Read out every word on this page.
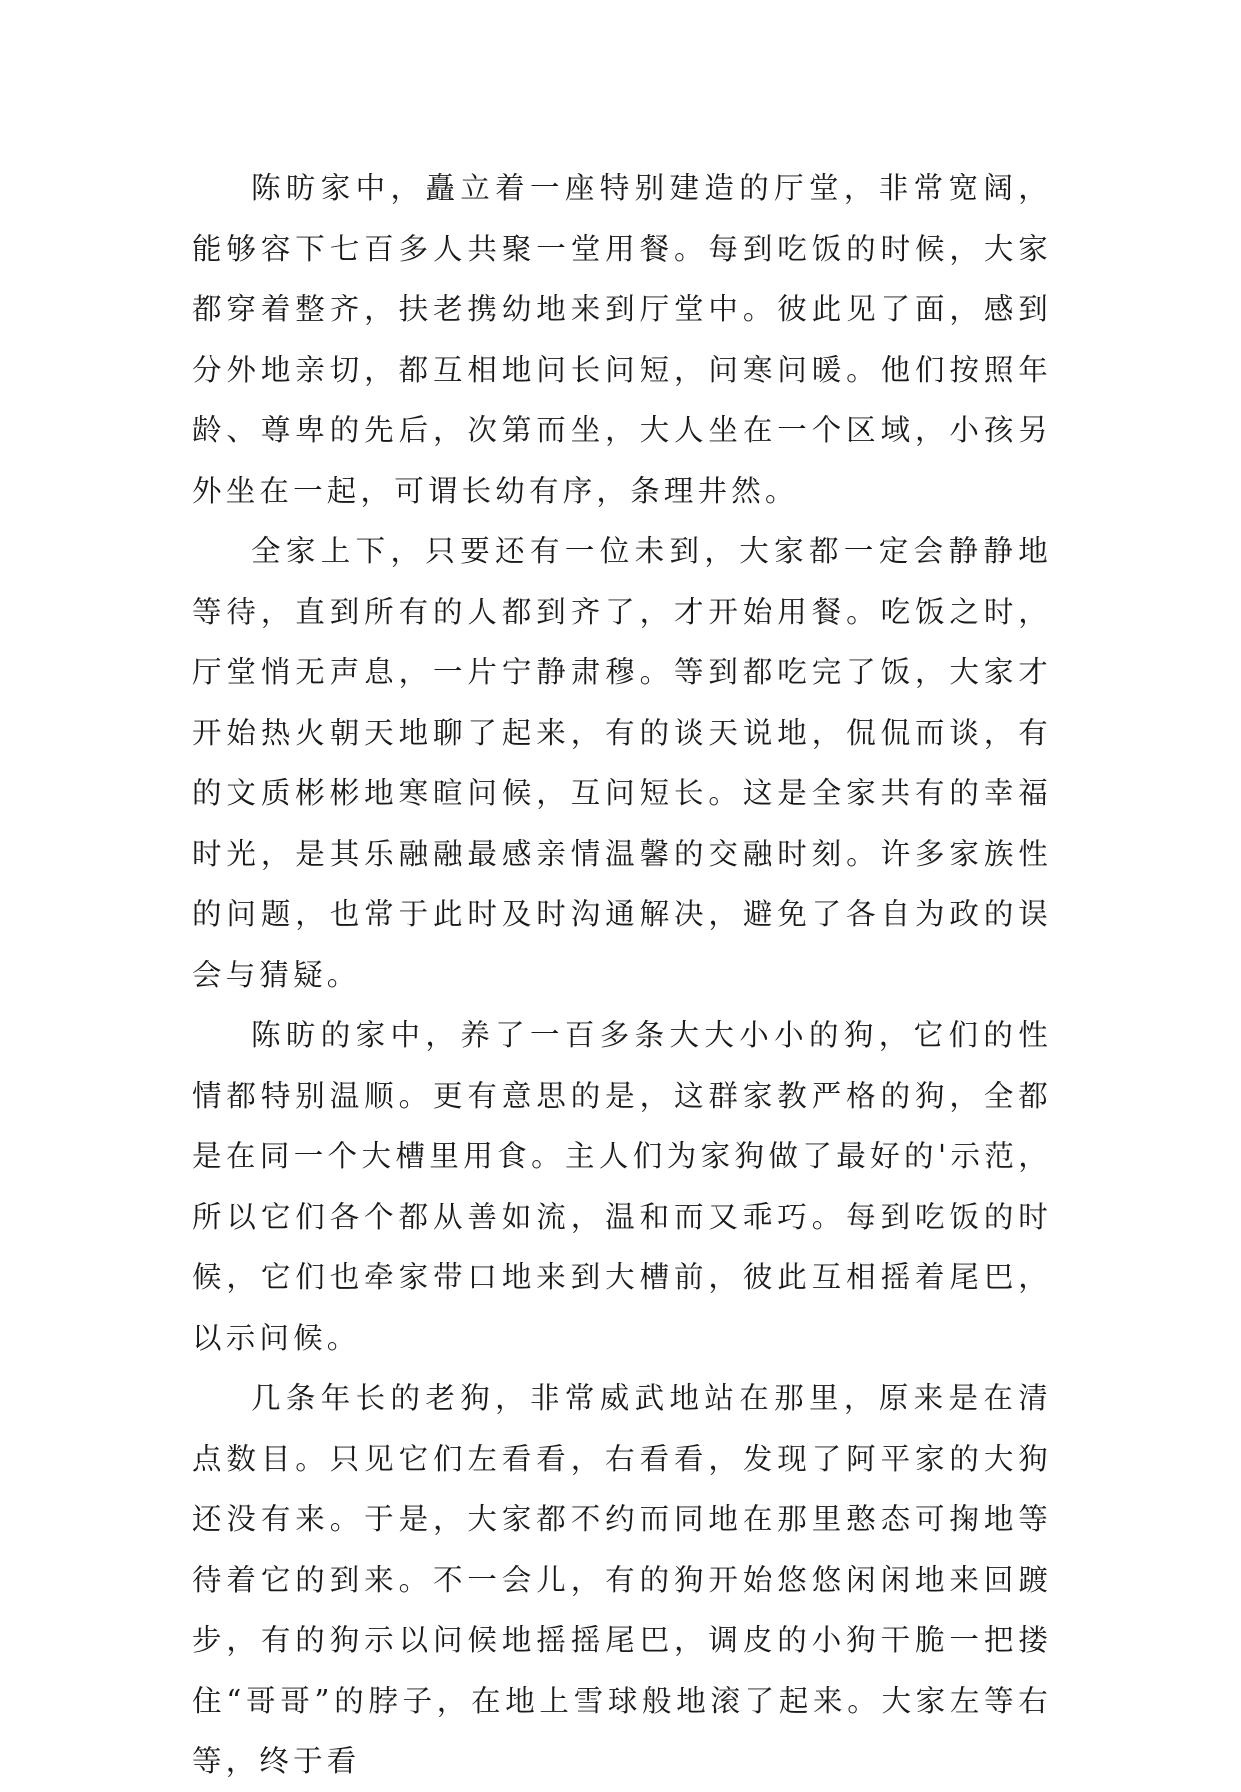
陈昉家中，矗立着一座特别建造的厅堂，非常宽阔，能够容下七百多人共聚一堂用餐。每到吃饭的时候，大家都穿着整齐，扶老携幼地来到厅堂中。彼此见了面，感到分外地亲切，都互相地问长问短，问寒问暖。他们按照年龄、尊卑的先后，次第而坐，大人坐在一个区域，小孩另外坐在一起，可谓长幼有序，条理井然。

全家上下，只要还有一位未到，大家都一定会静静地等待，直到所有的人都到齐了，才开始用餐。吃饭之时，厅堂悄无声息，一片宁静肃穆。等到都吃完了饭，大家才开始热火朝天地聊了起来，有的谈天说地，侃侃而谈，有的文质彬彬地寒暄问候，互问短长。这是全家共有的幸福时光，是其乐融融最感亲情温馨的交融时刻。许多家族性的问题，也常于此时及时沟通解决，避免了各自为政的误会与猜疑。

陈昉的家中，养了一百多条大大小小的狗，它们的性情都特别温顺。更有意思的是，这群家教严格的狗，全都是在同一个大槽里用食。主人们为家狗做了最好的'示范，所以它们各个都从善如流，温和而又乖巧。每到吃饭的时候，它们也牵家带口地来到大槽前，彼此互相摇着尾巴，以示问候。

几条年长的老狗，非常威武地站在那里，原来是在清点数目。只见它们左看看，右看看，发现了阿平家的大狗还没有来。于是，大家都不约而同地在那里憨态可掬地等待着它的到来。不一会儿，有的狗开始悠悠闲闲地来回踱步，有的狗示以问候地摇摇尾巴，调皮的小狗干脆一把搂住“哥哥”的脖子，在地上雪球般地滚了起来。大家左等右等，终于看
